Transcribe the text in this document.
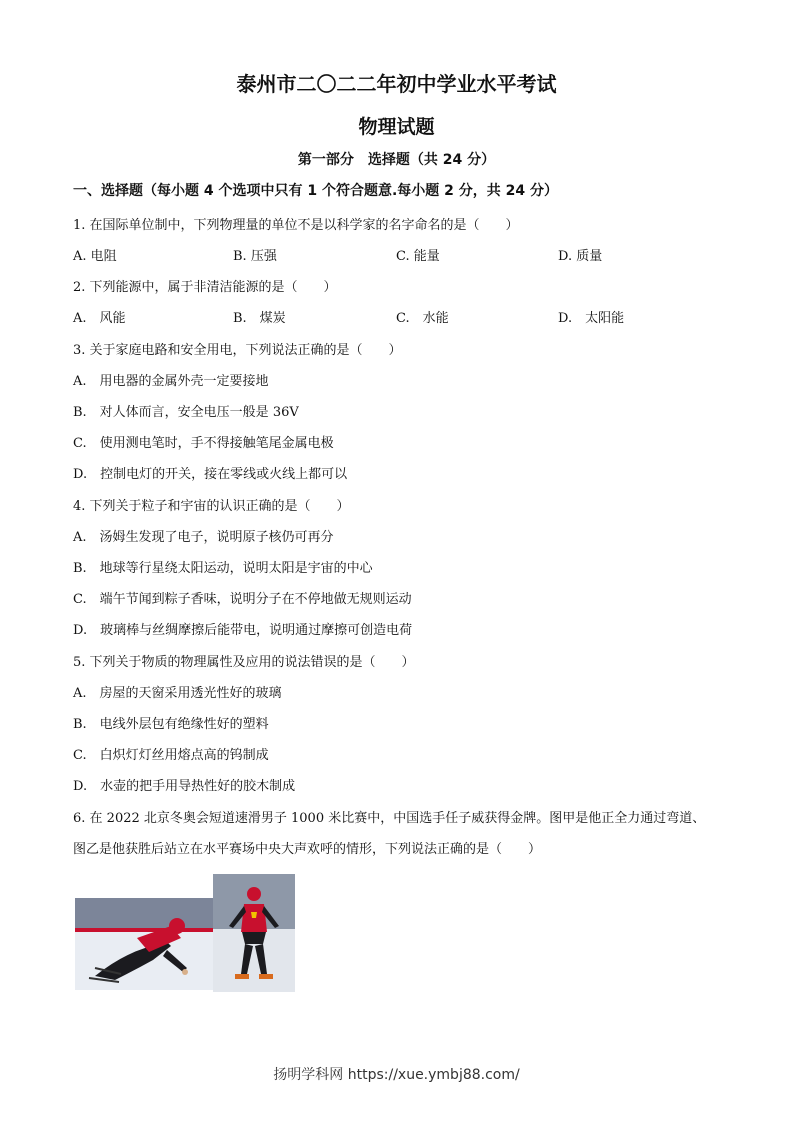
泰州市二〇二二年初中学业水平考试
物理试题
第一部分　选择题（共 24 分）
一、选择题（每小题 4 个选项中只有 1 个符合题意.每小题 2 分，共 24 分）
1. 在国际单位制中，下列物理量的单位不是以科学家的名字命名的是（　　）
A. 电阻	B. 压强	C. 能量	D. 质量
2. 下列能源中，属于非清洁能源的是（　　）
A.　风能	B.　煤炭	C.　水能	D.　太阳能
3. 关于家庭电路和安全用电，下列说法正确的是（　　）
A.　用电器的金属外壳一定要接地
B.　对人体而言，安全电压一般是 36V
C.　使用测电笔时，手不得接触笔尾金属电极
D.　控制电灯的开关，接在零线或火线上都可以
4. 下列关于粒子和宇宙的认识正确的是（　　）
A.　汤姆生发现了电子，说明原子核仍可再分
B.　地球等行星绕太阳运动，说明太阳是宇宙的中心
C.　端午节闻到粽子香味，说明分子在不停地做无规则运动
D.　玻璃棒与丝绸摩擦后能带电，说明通过摩擦可创造电荷
5. 下列关于物质的物理属性及应用的说法错误的是（　　）
A.　房屋的天窗采用透光性好的玻璃
B.　电线外层包有绝缘性好的塑料
C.　白炽灯灯丝用熔点高的钨制成
D.　水壶的把手用导热性好的胶木制成
6. 在 2022 北京冬奥会短道速滑男子 1000 米比赛中，中国选手任子威获得金牌。图甲是他正全力通过弯道、
图乙是他获胜后站立在水平赛场中央大声欢呼的情形，下列说法正确的是（　　）
扬明学科网 https://xue.ymbj88.com/
